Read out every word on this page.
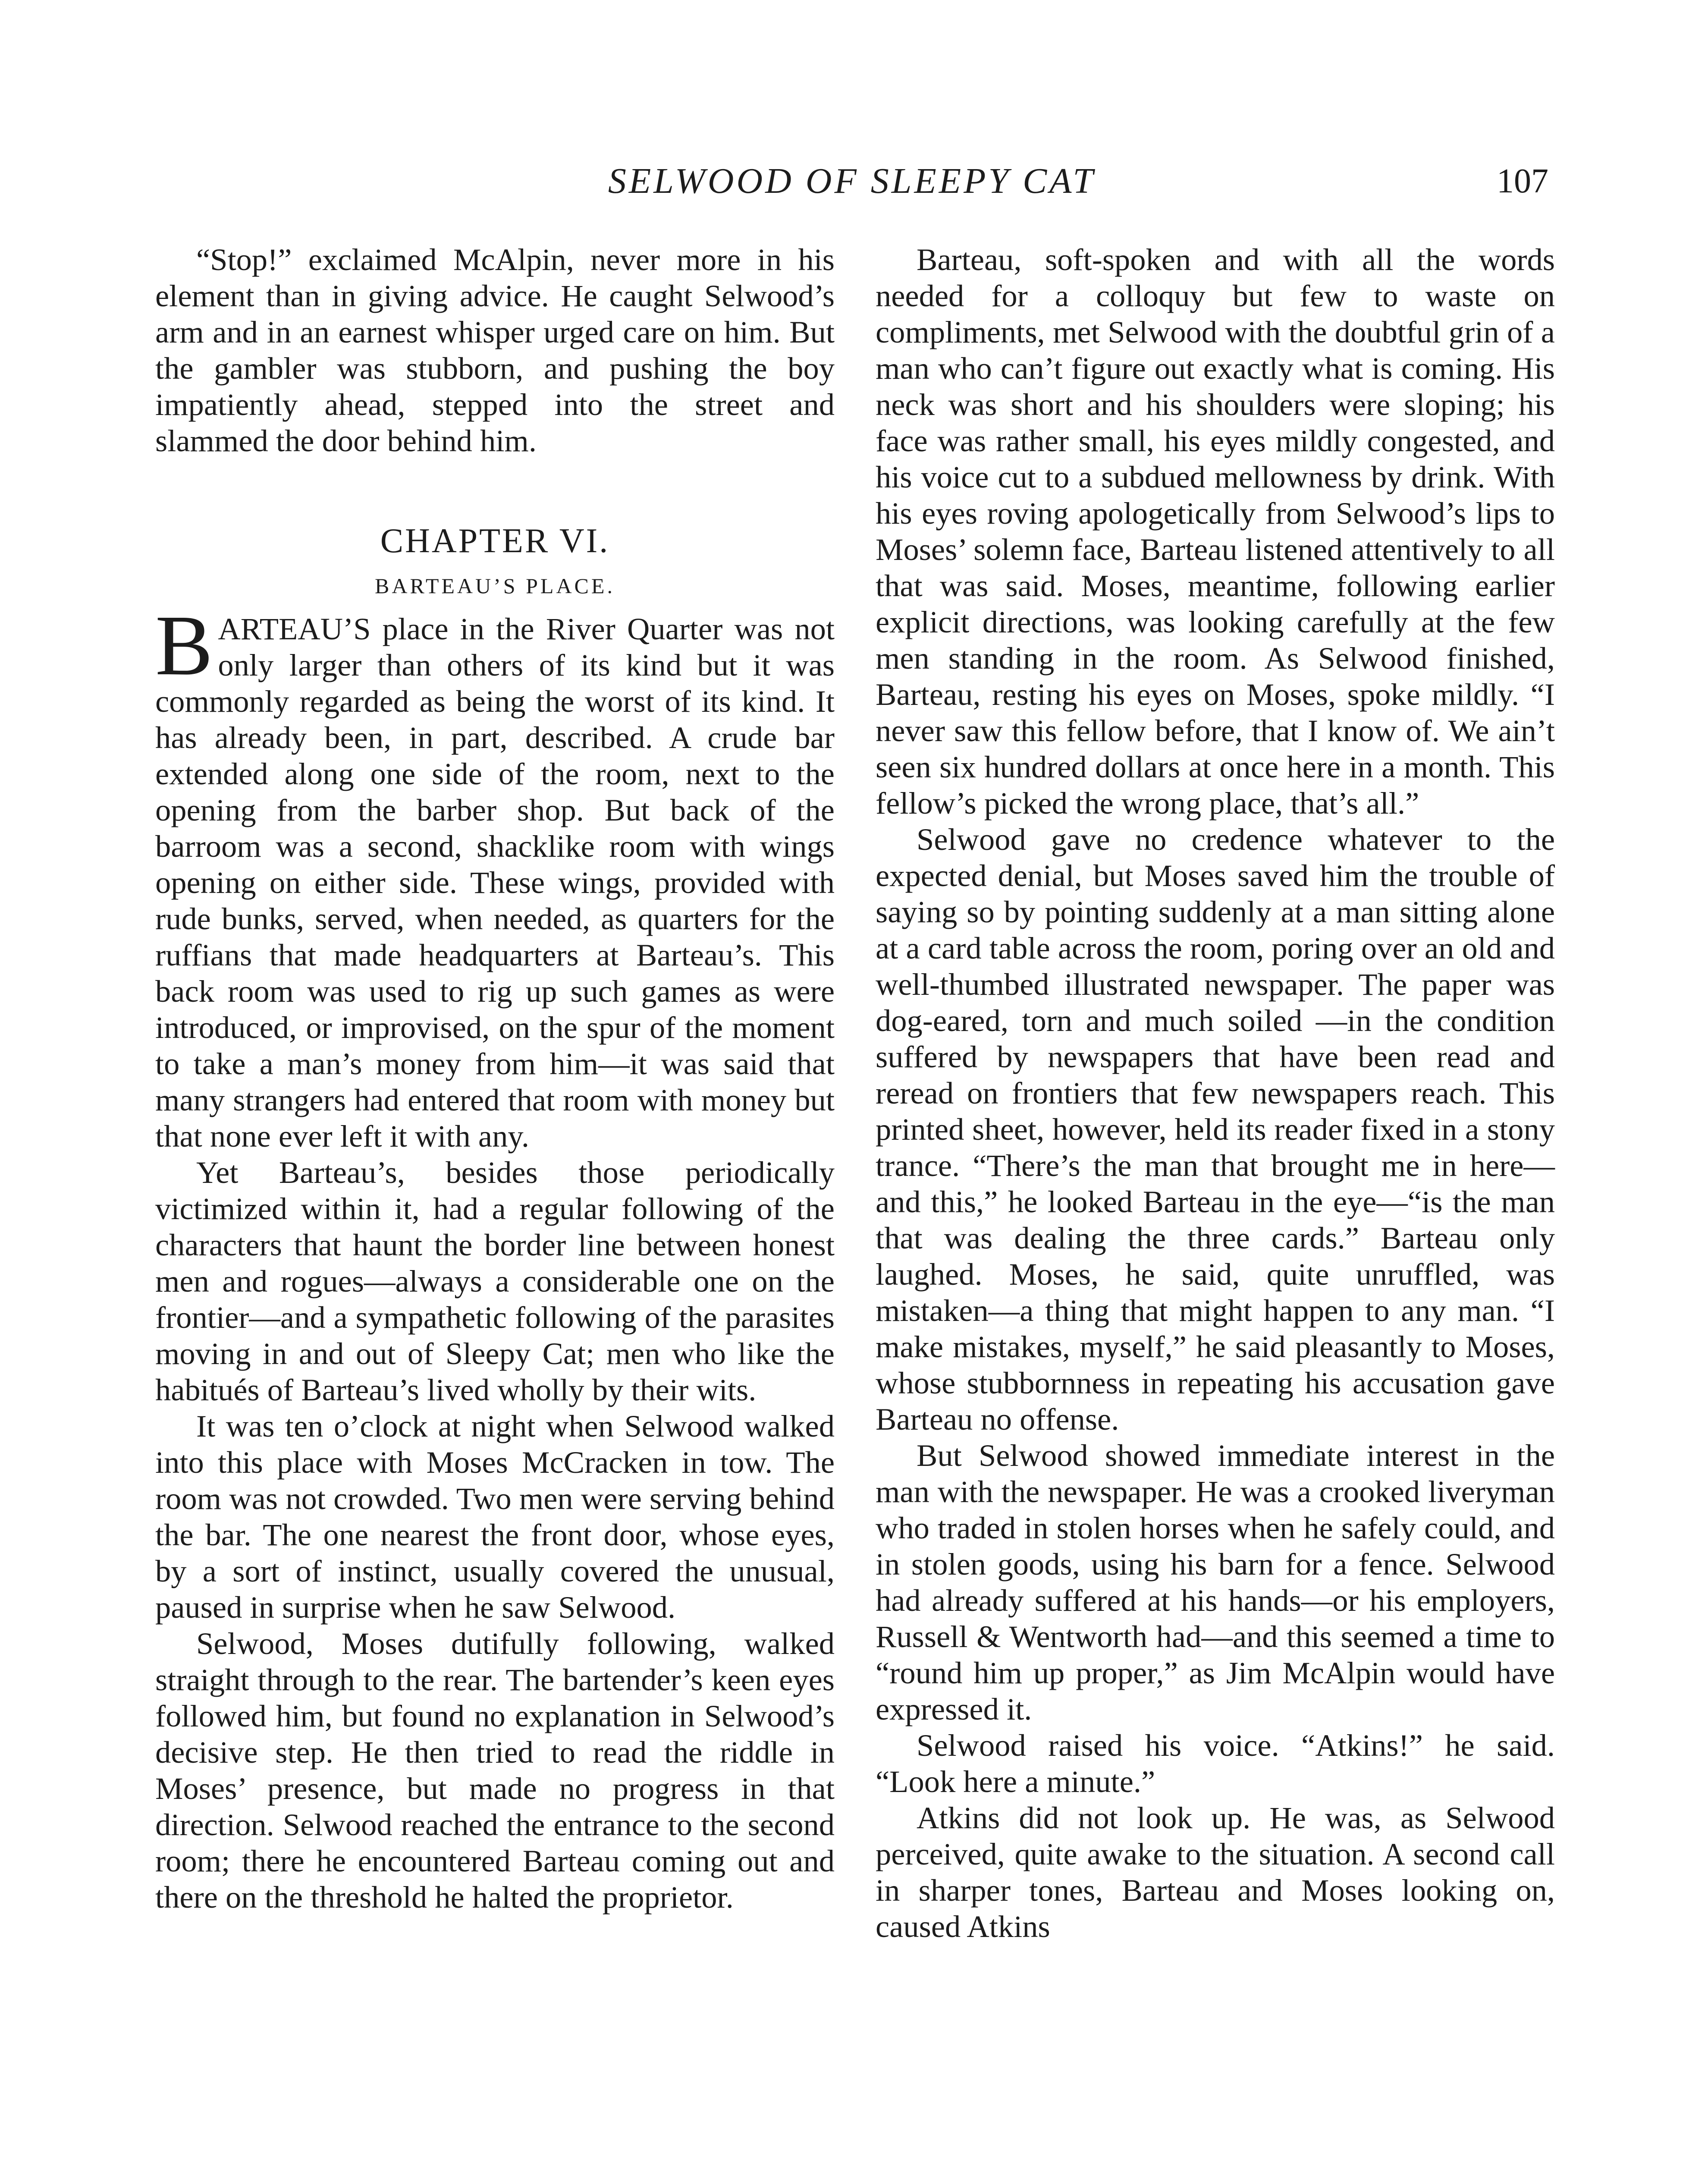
SELWOOD OF SLEEPY CAT	107

“Stop!” exclaimed McAlpin, never more in his element than in giving advice. He caught Selwood’s arm and in an earnest whisper urged care on him. But the gambler was stubborn, and pushing the boy impatiently ahead, stepped into the street and slammed the door behind him.

CHAPTER VI.
BARTEAU’S PLACE.

BARTEAU’S place in the River Quarter was not only larger than others of its kind but it was commonly regarded as being the worst of its kind. It has already been, in part, described. A crude bar extended along one side of the room, next to the opening from the barber shop. But back of the barroom was a second, shacklike room with wings opening on either side. These wings, provided with rude bunks, served, when needed, as quarters for the ruffians that made headquarters at Barteau’s. This back room was used to rig up such games as were introduced, or improvised, on the spur of the moment to take a man’s money from him—it was said that many strangers had entered that room with money but that none ever left it with any.

Yet Barteau’s, besides those periodically victimized within it, had a regular following of the characters that haunt the border line between honest men and rogues—always a considerable one on the frontier—and a sympathetic following of the parasites moving in and out of Sleepy Cat; men who like the habitués of Barteau’s lived wholly by their wits.

It was ten o’clock at night when Selwood walked into this place with Moses McCracken in tow. The room was not crowded. Two men were serving behind the bar. The one nearest the front door, whose eyes, by a sort of instinct, usually covered the unusual, paused in surprise when he saw Selwood.

Selwood, Moses dutifully following, walked straight through to the rear. The bartender’s keen eyes followed him, but found no explanation in Selwood’s decisive step. He then tried to read the riddle in Moses’ presence, but made no progress in that direction. Selwood reached the entrance to the second room; there he encountered Barteau coming out and there on the threshold he halted the proprietor.

Barteau, soft-spoken and with all the words needed for a colloquy but few to waste on compliments, met Selwood with the doubtful grin of a man who can’t figure out exactly what is coming. His neck was short and his shoulders were sloping; his face was rather small, his eyes mildly congested, and his voice cut to a subdued mellowness by drink. With his eyes roving apologetically from Selwood’s lips to Moses’ solemn face, Barteau listened attentively to all that was said. Moses, meantime, following earlier explicit directions, was looking carefully at the few men standing in the room. As Selwood finished, Barteau, resting his eyes on Moses, spoke mildly. “I never saw this fellow before, that I know of. We ain’t seen six hundred dollars at once here in a month. This fellow’s picked the wrong place, that’s all.”

Selwood gave no credence whatever to the expected denial, but Moses saved him the trouble of saying so by pointing suddenly at a man sitting alone at a card table across the room, poring over an old and well-thumbed illustrated newspaper. The paper was dog-eared, torn and much soiled —in the condition suffered by newspapers that have been read and reread on frontiers that few newspapers reach. This printed sheet, however, held its reader fixed in a stony trance. “There’s the man that brought me in here—and this,” he looked Barteau in the eye—“is the man that was dealing the three cards.” Barteau only laughed. Moses, he said, quite unruffled, was mistaken—a thing that might happen to any man. “I make mistakes, myself,” he said pleasantly to Moses, whose stubbornness in repeating his accusation gave Barteau no offense.

But Selwood showed immediate interest in the man with the newspaper. He was a crooked liveryman who traded in stolen horses when he safely could, and in stolen goods, using his barn for a fence. Selwood had already suffered at his hands—or his employers, Russell & Wentworth had—and this seemed a time to “round him up proper,” as Jim McAlpin would have expressed it.

Selwood raised his voice. “Atkins!” he said. “Look here a minute.”

Atkins did not look up. He was, as Selwood perceived, quite awake to the situation. A second call in sharper tones, Barteau and Moses looking on, caused Atkins
